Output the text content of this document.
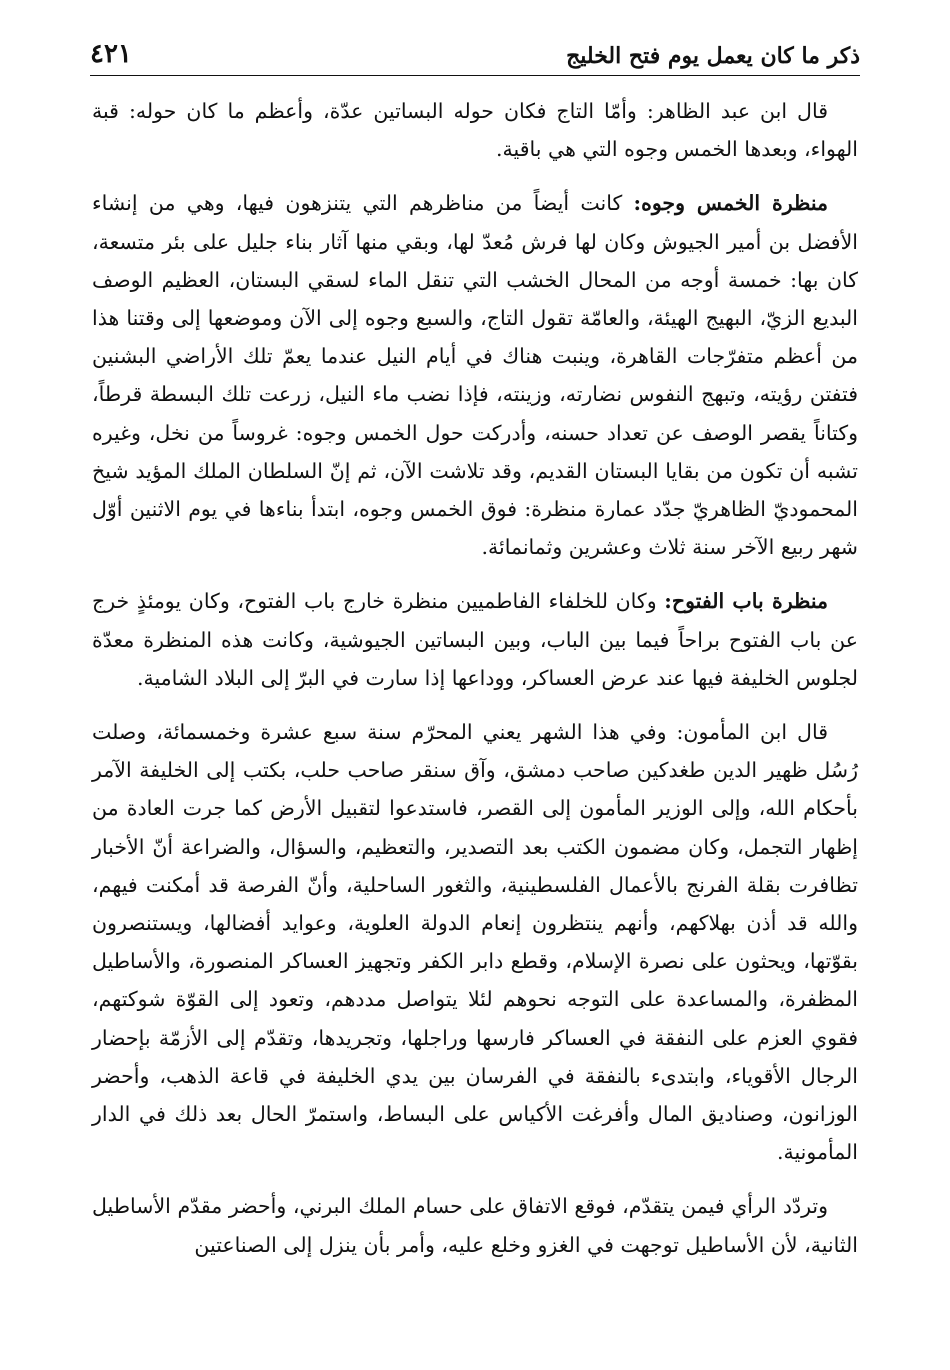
ذكر ما كان يعمل يوم فتح الخليج
٤٢١

قال ابن عبد الظاهر: وأمّا التاج فكان حوله البساتين عدّة، وأعظم ما كان حوله: قبة الهواء، وبعدها الخمس وجوه التي هي باقية.

منظرة الخمس وجوه: كانت أيضاً من مناظرهم التي يتنزهون فيها، وهي من إنشاء الأفضل بن أمير الجيوش وكان لها فرش مُعدّ لها، وبقي منها آثار بناء جليل على بئر متسعة، كان بها: خمسة أوجه من المحال الخشب التي تنقل الماء لسقي البستان، العظيم الوصف البديع الزيّ، البهيج الهيئة، والعامّة تقول التاج، والسبع وجوه إلى الآن وموضعها إلى وقتنا هذا من أعظم متفرّجات القاهرة، وينبت هناك في أيام النيل عندما يعمّ تلك الأراضي البشنين فتفتن رؤيته، وتبهج النفوس نضارته، وزينته، فإذا نضب ماء النيل، زرعت تلك البسطة قرطاً، وكتاناً يقصر الوصف عن تعداد حسنه، وأدركت حول الخمس وجوه: غروساً من نخل، وغيره تشبه أن تكون من بقايا البستان القديم، وقد تلاشت الآن، ثم إنّ السلطان الملك المؤيد شيخ المحموديّ الظاهريّ جدّد عمارة منظرة: فوق الخمس وجوه، ابتدأ بناءها في يوم الاثنين أوّل شهر ربيع الآخر سنة ثلاث وعشرين وثمانمائة.

منظرة باب الفتوح: وكان للخلفاء الفاطميين منظرة خارج باب الفتوح، وكان يومئذٍ خرج عن باب الفتوح براحاً فيما بين الباب، وبين البساتين الجيوشية، وكانت هذه المنظرة معدّة لجلوس الخليفة فيها عند عرض العساكر، ووداعها إذا سارت في البرّ إلى البلاد الشامية.

قال ابن المأمون: وفي هذا الشهر يعني المحرّم سنة سبع عشرة وخمسمائة، وصلت رُسُل ظهير الدين طغدكين صاحب دمشق، وآق سنقر صاحب حلب، بكتب إلى الخليفة الآمر بأحكام الله، وإلى الوزير المأمون إلى القصر، فاستدعوا لتقبيل الأرض كما جرت العادة من إظهار التجمل، وكان مضمون الكتب بعد التصدير، والتعظيم، والسؤال، والضراعة أنّ الأخبار تظافرت بقلة الفرنج بالأعمال الفلسطينية، والثغور الساحلية، وأنّ الفرصة قد أمكنت فيهم، والله قد أذن بهلاكهم، وأنهم ينتظرون إنعام الدولة العلوية، وعوايد أفضالها، ويستنصرون بقوّتها، ويحثون على نصرة الإسلام، وقطع دابر الكفر وتجهيز العساكر المنصورة، والأساطيل المظفرة، والمساعدة على التوجه نحوهم لئلا يتواصل مددهم، وتعود إلى القوّة شوكتهم، فقوي العزم على النفقة في العساكر فارسها وراجلها، وتجريدها، وتقدّم إلى الأزمّة بإحضار الرجال الأقوياء، وابتدىء بالنفقة في الفرسان بين يدي الخليفة في قاعة الذهب، وأحضر الوزانون، وصناديق المال وأفرغت الأكياس على البساط، واستمرّ الحال بعد ذلك في الدار المأمونية.

وتردّد الرأي فيمن يتقدّم، فوقع الاتفاق على حسام الملك البرني، وأحضر مقدّم الأساطيل الثانية، لأن الأساطيل توجهت في الغزو وخلع عليه، وأمر بأن ينزل إلى الصناعتين
